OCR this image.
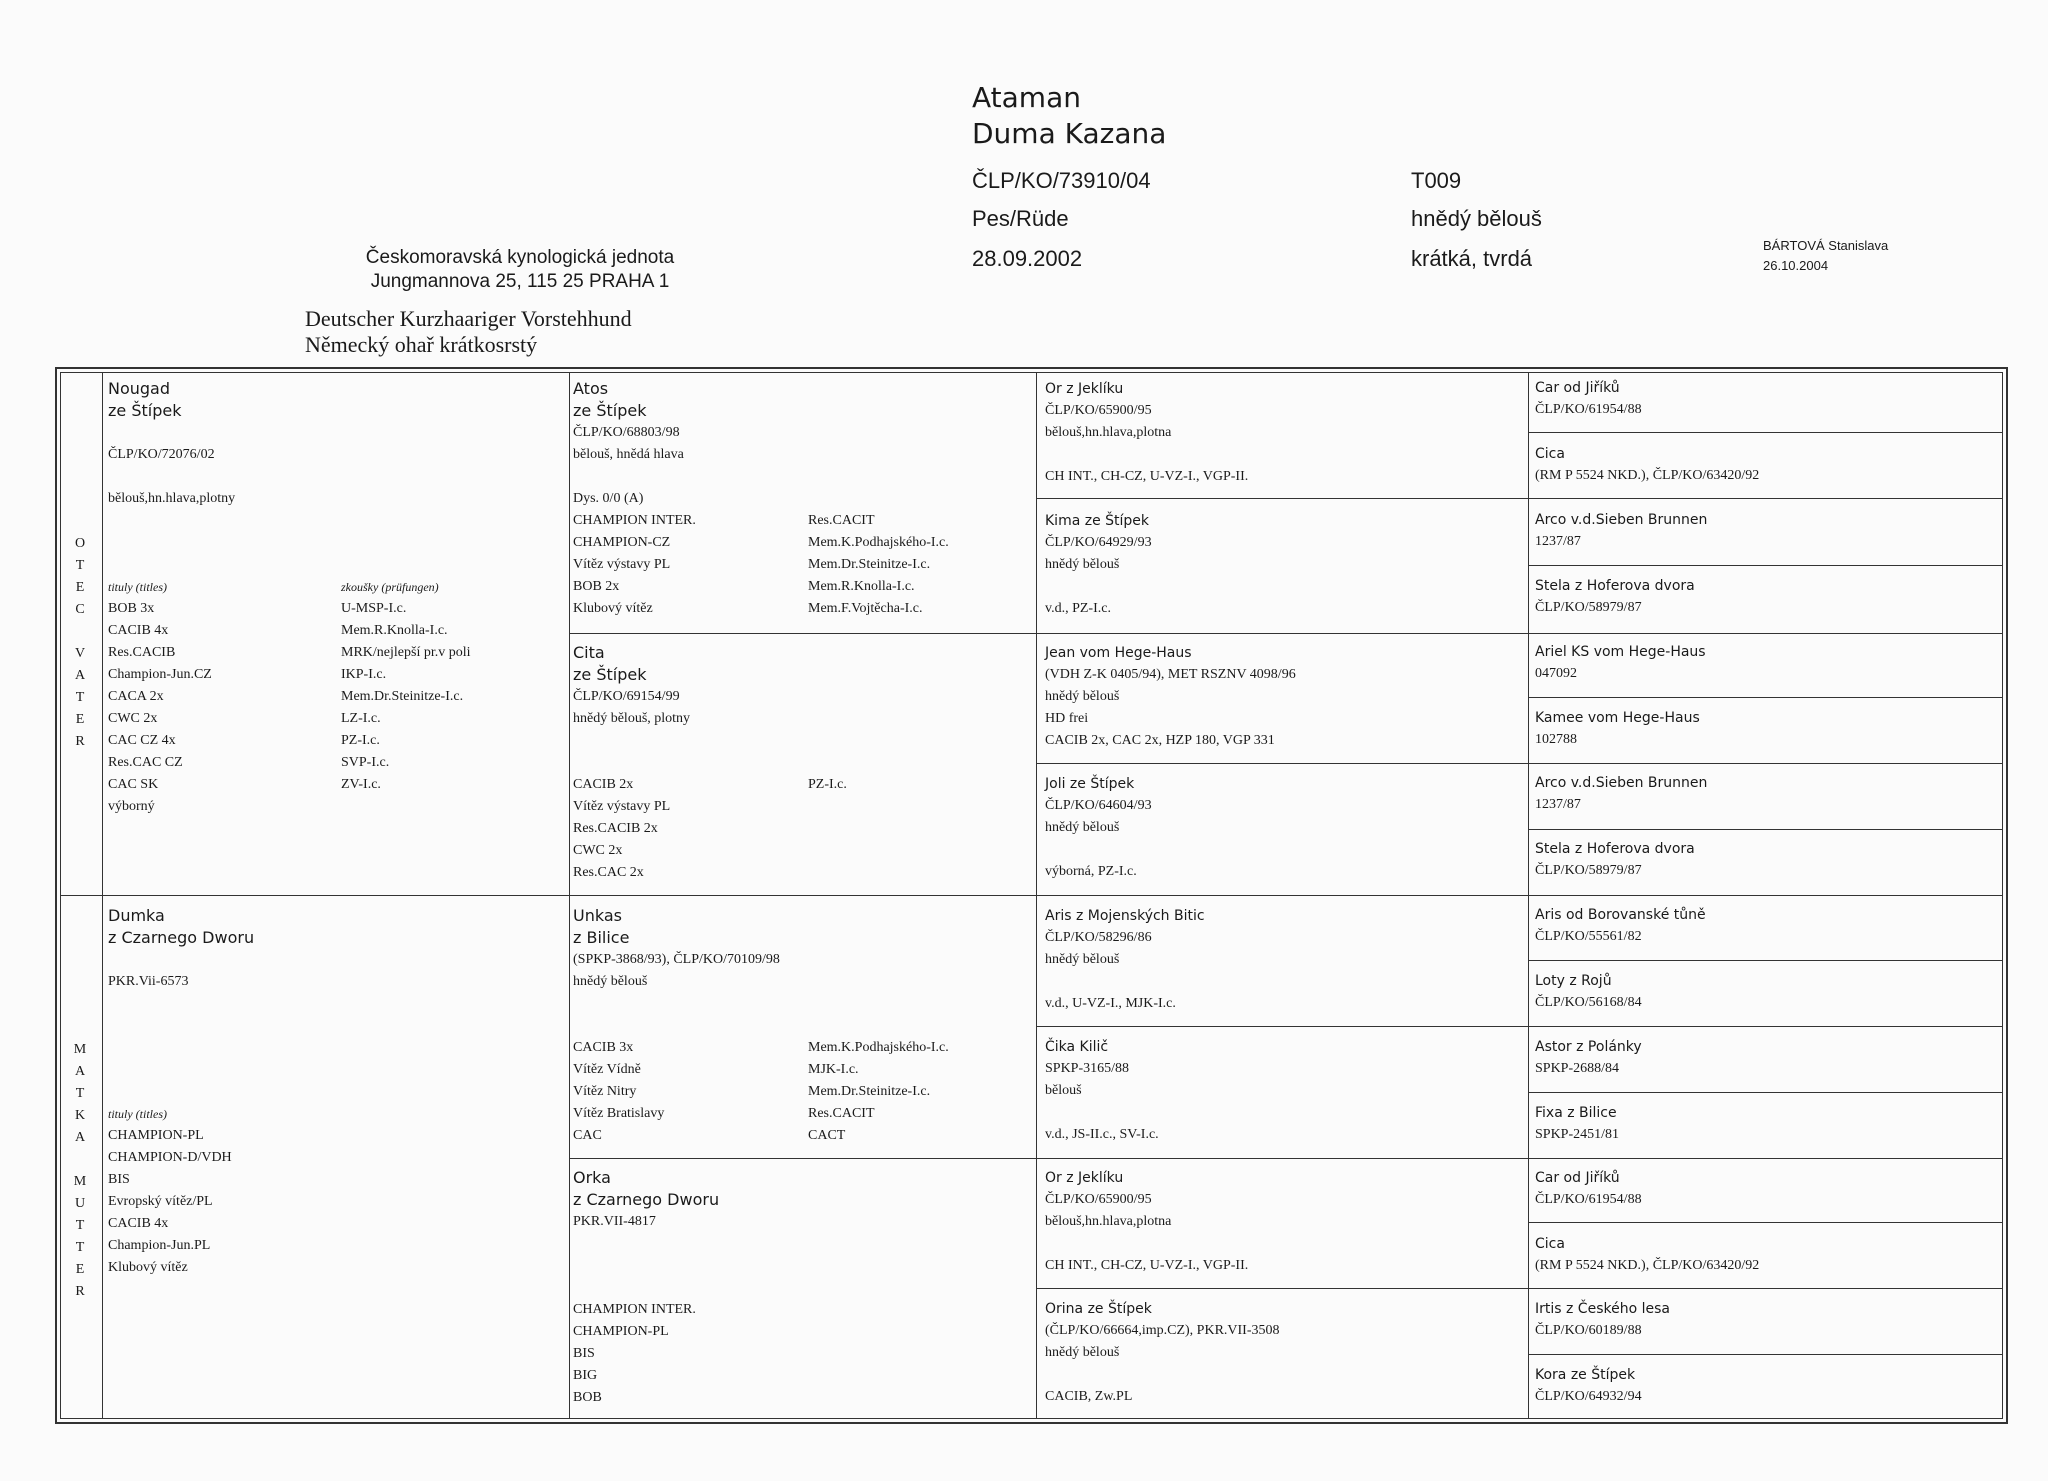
Ataman
Duma Kazana
ČLP/KO/73910/04
Pes/Rüde
28.09.2002
T009
hnědý bělouš
krátká, tvrdá
BÁRTOVÁ Stanislava
26.10.2004
Českomoravská kynologická jednota
Jungmannova 25, 115 25 PRAHA 1
Deutscher Kurzhaariger Vorstehhund
Německý ohař krátkosrstý
O
T
E
C
V
A
T
E
R
M
A
T
K
A
M
U
T
T
E
R
Nougad
ze Štípek
ČLP/KO/72076/02
bělouš,hn.hlava,plotny
tituly (titles)
BOB 3x
CACIB 4x
Res.CACIB
Champion-Jun.CZ
CACA 2x
CWC 2x
CAC CZ 4x
Res.CAC CZ
CAC SK
výborný
zkoušky (prüfungen)
U-MSP-I.c.
Mem.R.Knolla-I.c.
MRK/nejlepší pr.v poli
IKP-I.c.
Mem.Dr.Steinitze-I.c.
LZ-I.c.
PZ-I.c.
SVP-I.c.
ZV-I.c.
Dumka
z Czarnego Dworu
PKR.Vii-6573
tituly (titles)
CHAMPION-PL
CHAMPION-D/VDH
BIS
Evropský vítěz/PL
CACIB 4x
Champion-Jun.PL
Klubový vítěz
Atos
ze Štípek
ČLP/KO/68803/98
bělouš, hnědá hlava
Dys. 0/0 (A)
CHAMPION INTER.
CHAMPION-CZ
Vítěz výstavy PL
BOB 2x
Klubový vítěz
Res.CACIT
Mem.K.Podhajského-I.c.
Mem.Dr.Steinitze-I.c.
Mem.R.Knolla-I.c.
Mem.F.Vojtěcha-I.c.
Cita
ze Štípek
ČLP/KO/69154/99
hnědý bělouš, plotny
CACIB 2x
Vítěz výstavy PL
Res.CACIB 2x
CWC 2x
Res.CAC 2x
PZ-I.c.
Unkas
z Bilice
(SPKP-3868/93), ČLP/KO/70109/98
hnědý bělouš
CACIB 3x
Vítěz Vídně
Vítěz Nitry
Vítěz Bratislavy
CAC
Mem.K.Podhajského-I.c.
MJK-I.c.
Mem.Dr.Steinitze-I.c.
Res.CACIT
CACT
Orka
z Czarnego Dworu
PKR.VII-4817
CHAMPION INTER.
CHAMPION-PL
BIS
BIG
BOB
Or z Jeklíku
ČLP/KO/65900/95
bělouš,hn.hlava,plotna
CH INT., CH-CZ, U-VZ-I., VGP-II.
Kima ze Štípek
ČLP/KO/64929/93
hnědý bělouš
v.d., PZ-I.c.
Jean vom Hege-Haus
(VDH Z-K 0405/94), MET RSZNV 4098/96
hnědý bělouš
HD frei
CACIB 2x, CAC 2x, HZP 180, VGP 331
Joli ze Štípek
ČLP/KO/64604/93
hnědý bělouš
výborná, PZ-I.c.
Aris z Mojenských Bitic
ČLP/KO/58296/86
hnědý bělouš
v.d., U-VZ-I., MJK-I.c.
Čika Kilič
SPKP-3165/88
bělouš
v.d., JS-II.c., SV-I.c.
Or z Jeklíku
ČLP/KO/65900/95
bělouš,hn.hlava,plotna
CH INT., CH-CZ, U-VZ-I., VGP-II.
Orina ze Štípek
(ČLP/KO/66664,imp.CZ), PKR.VII-3508
hnědý bělouš
CACIB, Zw.PL
Car od Jiříků
ČLP/KO/61954/88
Cica
(RM P 5524 NKD.), ČLP/KO/63420/92
Arco v.d.Sieben Brunnen
1237/87
Stela z Hoferova dvora
ČLP/KO/58979/87
Ariel KS vom Hege-Haus
047092
Kamee vom Hege-Haus
102788
Arco v.d.Sieben Brunnen
1237/87
Stela z Hoferova dvora
ČLP/KO/58979/87
Aris od Borovanské tůně
ČLP/KO/55561/82
Loty z Rojů
ČLP/KO/56168/84
Astor z Polánky
SPKP-2688/84
Fixa z Bilice
SPKP-2451/81
Car od Jiříků
ČLP/KO/61954/88
Cica
(RM P 5524 NKD.), ČLP/KO/63420/92
Irtis z Českého lesa
ČLP/KO/60189/88
Kora ze Štípek
ČLP/KO/64932/94
